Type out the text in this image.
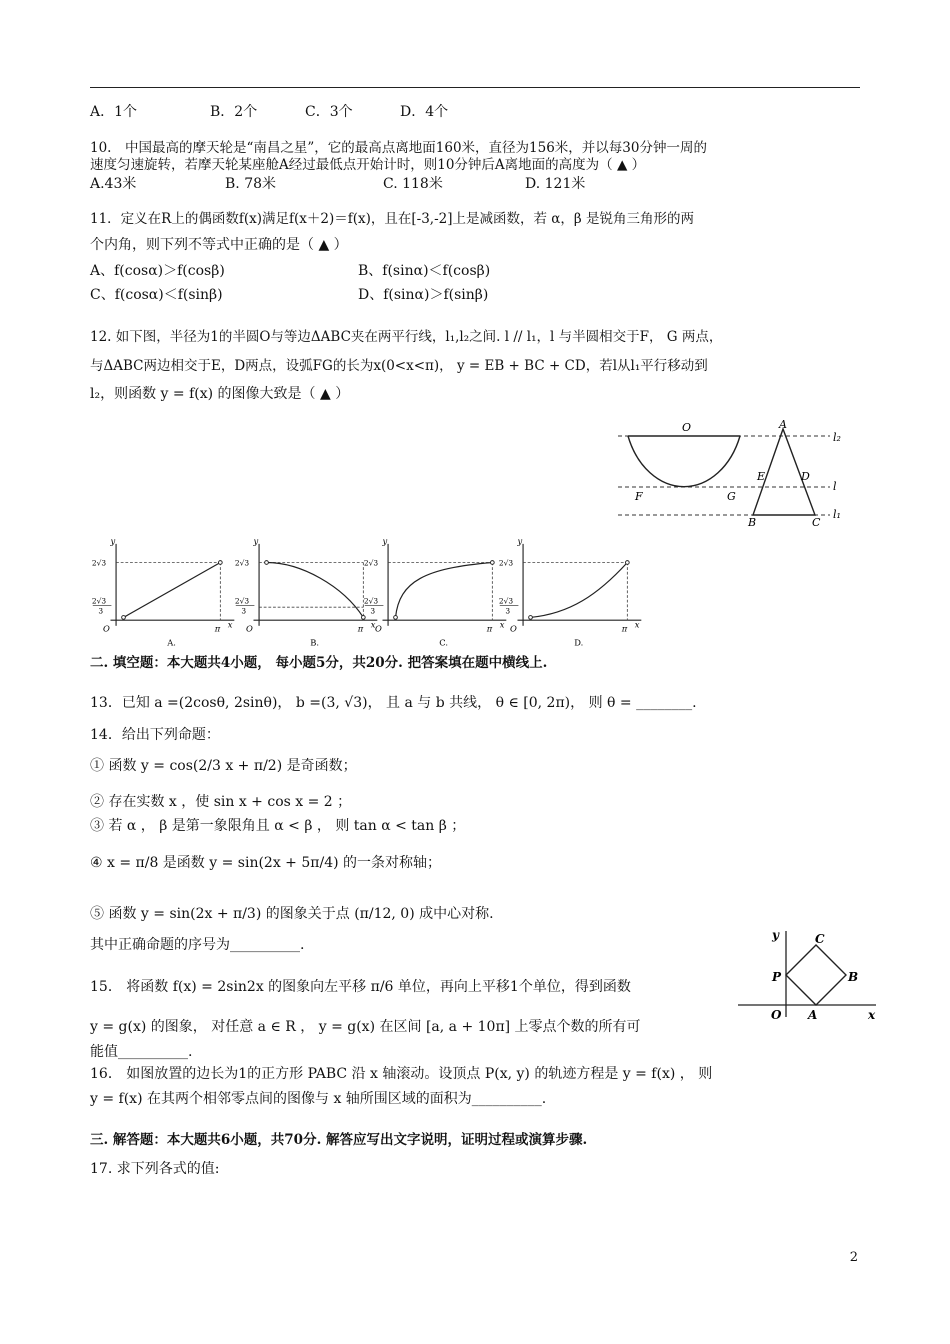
A．1个	B．2个	C．3个	D．4个
10.　中国最高的摩天轮是“南昌之星”，它的最高点离地面160米，直径为156米，并以每30分钟一周的
速度匀速旋转，若摩天轮某座舱A经过最低点开始计时，则10分钟后A离地面的高度为（ ▲ ）
A.43米	B. 78米	C. 118米	D. 121米
11．定义在R上的偶函数f(x)满足f(x＋2)＝f(x)，且在[-3,-2]上是减函数，若 α，β 是锐角三角形的两
个内角，则下列不等式中正确的是（ ▲ ）
A、f(cosα)＞f(cosβ)	B、f(sinα)＜f(cosβ)
C、f(cosα)＜f(sinβ)	D、f(sinα)＞f(sinβ)
12. 如下图，半径为1的半圆O与等边ΔABC夹在两平行线，l₁,l₂之间. l // l₁，l 与半圆相交于F， G 两点，
与ΔABC两边相交于E，D两点，设弧FG的长为x(0<x<π)， y = EB + BC + CD，若l从l₁平行移动到
l₂，则函数 y = f(x) 的图像大致是（ ▲ ）
O	A
l₂
E	D
l
F	G
B	C
l₁
y
x
O	π
2√3
2√3
3
A.
y
x
O	π
2√3
2√3
3
B.
y
x
O	π
2√3
2√3
3
C.
y
x
O	π
2√3
2√3
3
D.
二. 填空题：本大题共4小题， 每小题5分，共20分. 把答案填在题中横线上.
13．已知 a =(2cosθ, 2sinθ)， b =(3, √3)， 且 a 与 b 共线， θ ∈ [0, 2π)， 则 θ = ________.
14．给出下列命题：
① 函数 y = cos(2/3 x + π/2) 是奇函数；
② 存在实数 x ，使 sin x + cos x = 2 ；
③ 若 α ， β 是第一象限角且 α < β ， 则 tan α < tan β ；
④ x = π/8 是函数 y = sin(2x + 5π/4) 的一条对称轴；
⑤ 函数 y = sin(2x + π/3) 的图象关于点 (π/12, 0) 成中心对称.
其中正确命题的序号为__________.
15． 将函数 f(x) = 2sin2x 的图象向左平移 π/6 单位，再向上平移1个单位，得到函数
y = g(x) 的图象， 对任意 a ∈ R ， y = g(x) 在区间 [a, a + 10π] 上零点个数的所有可
能值__________.
16． 如图放置的边长为1的正方形 PABC 沿 x 轴滚动。设顶点 P(x, y) 的轨迹方程是 y = f(x) ， 则
y = f(x) 在其两个相邻零点间的图像与 x 轴所围区域的面积为__________.
y	C
P	B
O A	x
三. 解答题：本大题共6小题，共70分. 解答应写出文字说明，证明过程或演算步骤.
17. 求下列各式的值:
2
